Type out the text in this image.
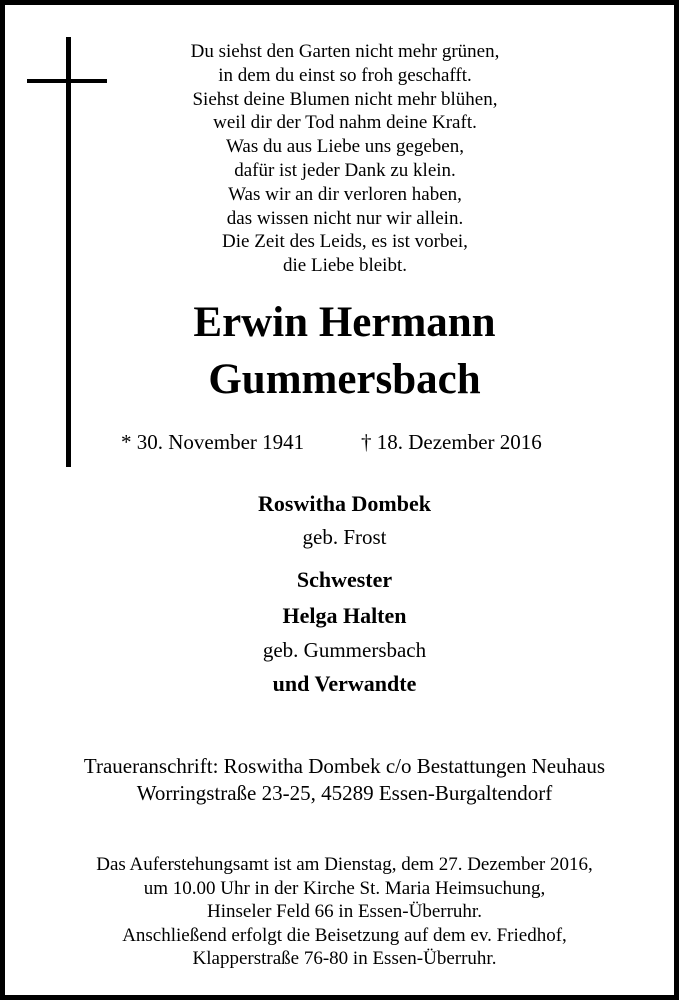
Du siehst den Garten nicht mehr grünen,
in dem du einst so froh geschafft.
Siehst deine Blumen nicht mehr blühen,
weil dir der Tod nahm deine Kraft.
Was du aus Liebe uns gegeben,
dafür ist jeder Dank zu klein.
Was wir an dir verloren haben,
das wissen nicht nur wir allein.
Die Zeit des Leids, es ist vorbei,
die Liebe bleibt.
Erwin Hermann
Gummersbach
* 30. November 1941	† 18. Dezember 2016
Roswitha Dombek
geb. Frost
Schwester
Helga Halten
geb. Gummersbach
und Verwandte
Traueranschrift: Roswitha Dombek c/o Bestattungen Neuhaus
Worringstraße 23-25, 45289 Essen-Burgaltendorf
Das Auferstehungsamt ist am Dienstag, dem 27. Dezember 2016,
um 10.00 Uhr in der Kirche St. Maria Heimsuchung,
Hinseler Feld 66 in Essen-Überruhr.
Anschließend erfolgt die Beisetzung auf dem ev. Friedhof,
Klapperstraße 76-80 in Essen-Überruhr.
